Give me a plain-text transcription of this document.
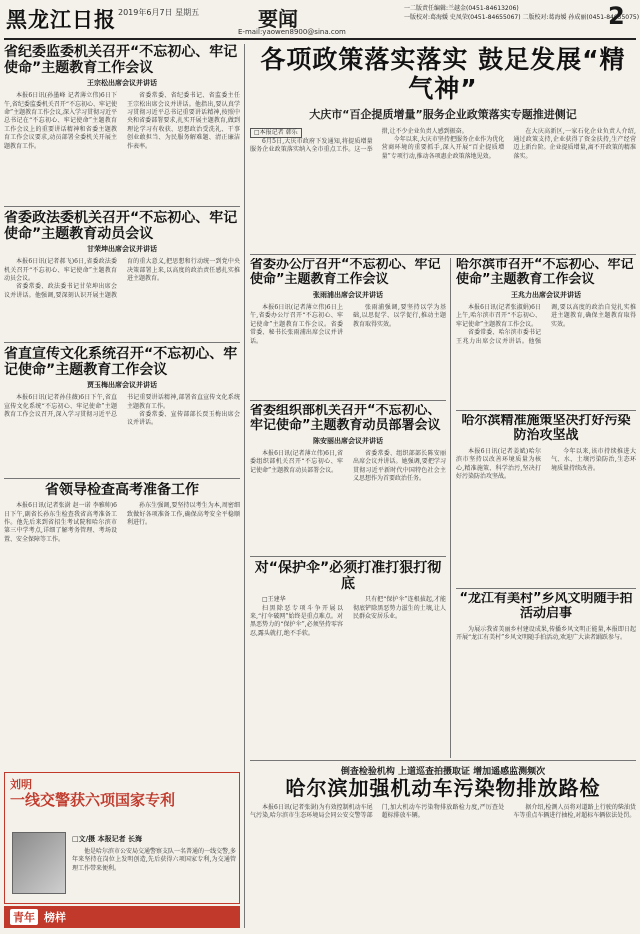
黑龙江日报 2019年6月7日 星期五	要闻
E-mail:yaowen8900@sina.com
一二版责任编辑:兰越金(0451-84613206)
一版校对:葛海媛 史凤荣(0451-84655067) 二版校对:葛海媛 孙成丽(0451-84655075)
2
省纪委监委机关召开“不忘初心、牢记使命”主题教育工作会议
王宗松出席会议并讲话

本报6日讯(孙墨峰 记者薄立伟)6日下午,省纪委监委机关召开“不忘初心、牢记使命”主题教育工作会议,深入学习贯彻习近平总书记在“不忘初心、牢记使命”主题教育工作会议上的重要讲话精神和省委主题教育工作会议要求,动员部署全委机关开展主题教育工作。

省委常委、省纪委书记、省监委主任王宗松出席会议并讲话。他指出,要认真学习贯彻习近平总书记重要讲话精神,按照中央和省委部署要求,扎实开展主题教育,做到理论学习有收获、思想政治受洗礼、干事创业敢担当、为民服务解难题、清正廉洁作表率。

省委政法委机关召开“不忘初心、牢记使命”主题教育动员会议
甘荣坤出席会议并讲话

本报6日讯(记者郝飞)6日,省委政法委机关召开“不忘初心、牢记使命”主题教育动员会议。

省委常委、政法委书记甘荣坤出席会议并讲话。他强调,要深刻认识开展主题教育的重大意义,把思想和行动统一到党中央决策部署上来,以高度的政治责任感扎实推进主题教育。

省直宣传文化系统召开“不忘初心、牢记使命”主题教育工作会议
贾玉梅出席会议并讲话

本报6日讯(记者孙佳薇)6日下午,省直宣传文化系统“不忘初心、牢记使命”主题教育工作会议召开,深入学习贯彻习近平总书记重要讲话精神,部署省直宣传文化系统主题教育工作。

省委常委、宣传部部长贾玉梅出席会议并讲话。

省领导检查高考准备工作

本报6日讯(记者张澍 赵一诺 李雅帅)6日下午,副省长孙东生检查我省高考准备工作。他先后来到省招生考试院和哈尔滨市第三中学考点,详细了解考务管理、考场设置、安全保障等工作。

孙东生强调,要坚持以考生为本,周密细致做好各项准备工作,确保高考安全平稳顺利进行。

刘明
一线交警获六项国家专利
□文/摄 本报记者 长海

他是哈尔滨市公安局交通警察支队一名普通的一线交警,多年来坚持在岗位上发明创造,先后获得六项国家专利,为交通管理工作带来便利。

青年 榜样
各项政策落实落实 鼓足发展“精气神”
大庆市“百企提质增量”服务企业政策落实专题推进侧记

□本报记者 韩乐

6月5日,大庆市政府下发通知,将提质增量服务企业政策落实纳入全市重点工作。这一举措,让不少企业负责人感到振奋。

今年以来,大庆市坚持把服务企业作为优化营商环境的重要抓手,深入开展“百企提质增量”专项行动,推动各项惠企政策落地见效。

在大庆高新区,一家石化企业负责人介绍,通过政策支持,企业获得了资金扶持,生产经营迈上新台阶。企业提质增量,离不开政策的精准落实。

省委办公厅召开“不忘初心、牢记使命”主题教育工作会议
张雨浦出席会议并讲话

本报6日讯(记者薄立伟)6日上午,省委办公厅召开“不忘初心、牢记使命”主题教育工作会议。省委常委、秘书长张雨浦出席会议并讲话。

张雨浦强调,要坚持以学为基础,以思促学、以学促行,推动主题教育取得实效。

省委组织部机关召开“不忘初心、牢记使命”主题教育动员部署会议
陈安丽出席会议并讲话

本报6日讯(记者薄立伟)6日,省委组织部机关召开“不忘初心、牢记使命”主题教育动员部署会议。

省委常委、组织部部长陈安丽出席会议并讲话。她强调,要把学习贯彻习近平新时代中国特色社会主义思想作为首要政治任务。

对“保护伞”必须打准打狠打彻底

□王建华

扫黑除恶专项斗争开展以来,“打伞破网”始终是重点难点。对黑恶势力的“保护伞”,必须坚持零容忍,露头就打,绝不手软。

只有把“保护伞”连根拔起,才能彻底铲除黑恶势力滋生的土壤,让人民群众安居乐业。

哈尔滨市召开“不忘初心、牢记使命”主题教育工作会议
王兆力出席会议并讲话

本报6日讯(记者张淑娟)6日上午,哈尔滨市召开“不忘初心、牢记使命”主题教育工作会议。

省委常委、哈尔滨市委书记王兆力出席会议并讲话。他强调,要以高度的政治自觉扎实推进主题教育,确保主题教育取得实效。

哈尔滨精准施策坚决打好污染防治攻坚战

本报6日讯(记者姜斌)哈尔滨市坚持以改善环境质量为核心,精准施策、科学治污,坚决打好污染防治攻坚战。

今年以来,该市持续推进大气、水、土壤污染防治,生态环境质量持续改善。

“龙江有美村”乡风文明随手拍活动启事

为展示我省美丽乡村建设成果,传播乡风文明正能量,本报即日起开展“龙江有美村”乡风文明随手拍活动,欢迎广大读者踊跃参与。

倒查检验机构 上道巡查拍摄取证 增加遥感监测频次
哈尔滨加强机动车污染物排放路检

本报6日讯(记者张澍)为有效控制机动车尾气污染,哈尔滨市生态环境局会同公安交警等部门,加大机动车污染物排放路检力度,严厉查处超标排放车辆。

据介绍,检测人员将对道路上行驶的柴油货车等重点车辆进行抽检,对超标车辆依法处罚。
